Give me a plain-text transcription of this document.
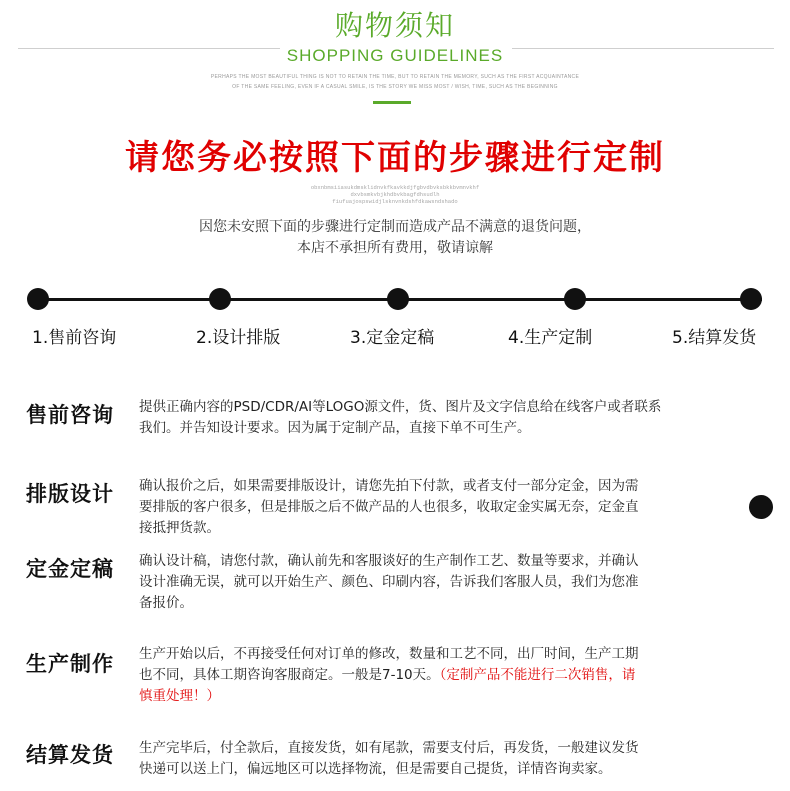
购物须知
SHOPPING GUIDELINES
PERHAPS THE MOST BEAUTIFUL THING IS NOT TO RETAIN THE TIME, BUT TO RETAIN THE MEMORY, SUCH AS THE FIRST ACQUAINTANCE
OF THE SAME FEELING, EVEN IF A CASUAL SMILE, IS THE STORY WE MISS MOST / WISH, TIME, SUCH AS THE BEGINNING
请您务必按照下面的步骤进行定制
obxnbmsiiasukdmsklidnvkfkavkkdjfgbvdbvksbkkbvmnvkhf
dxvbsmkvbjkhdbvkbagfdhsudlh
fiufuajospswidjlsknvnkdshfdkawsndshado
因您未安照下面的步骤进行定制而造成产品不满意的退货问题，
本店不承担所有费用，敬请谅解
1.售前咨询	2.设计排版	3.定金定稿	4.生产定制	5.结算发货
售前咨询 提供正确内容的PSD/CDR/AI等LOGO源文件，货、图片及文字信息给在线客户或者联系
我们。并告知设计要求。因为属于定制产品，直接下单不可生产。
排版设计 确认报价之后，如果需要排版设计，请您先拍下付款，或者支付一部分定金，因为需
要排版的客户很多，但是排版之后不做产品的人也很多，收取定金实属无奈，定金直
接抵押货款。
定金定稿 确认设计稿，请您付款，确认前先和客服谈好的生产制作工艺、数量等要求，并确认
设计准确无误，就可以开始生产、颜色、印刷内容，告诉我们客服人员，我们为您准
备报价。
生产制作 生产开始以后，不再接受任何对订单的修改，数量和工艺不同，出厂时间，生产工期
也不同，具体工期咨询客服商定。一般是7-10天。（定制产品不能进行二次销售，请
慎重处理！）
结算发货 生产完毕后，付全款后，直接发货，如有尾款，需要支付后，再发货，一般建议发货
快递可以送上门，偏远地区可以选择物流，但是需要自己提货，详情咨询卖家。
